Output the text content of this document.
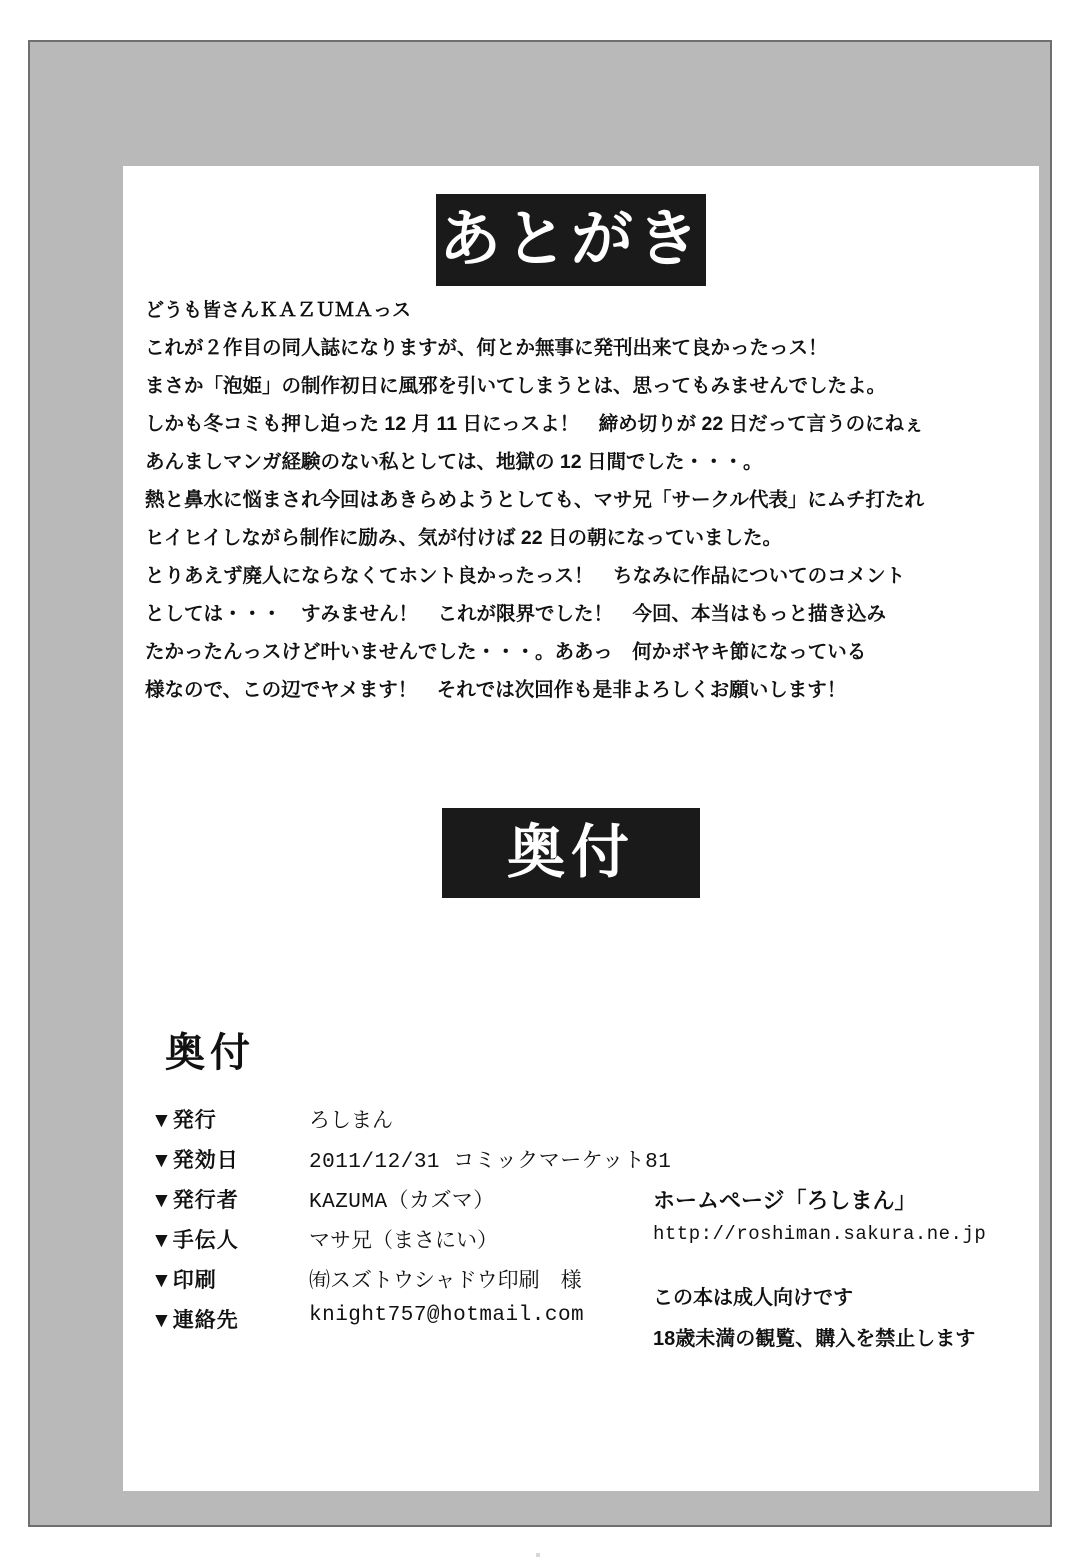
あとがき

どうも皆さんＫＡＺＵＭＡっス

これが２作目の同人誌になりますが、何とか無事に発刊出来て良かったっス！

まさか「泡姫」の制作初日に風邪を引いてしまうとは、思ってもみませんでしたよ。

しかも冬コミも押し迫った 12 月 11 日にっスよ！　締め切りが 22 日だって言うのにねぇ

あんましマンガ経験のない私としては、地獄の 12 日間でした・・・。

熱と鼻水に悩まされ今回はあきらめようとしても、マサ兄「サークル代表」にムチ打たれ

ヒイヒイしながら制作に励み、気が付けば 22 日の朝になっていました。

とりあえず廃人にならなくてホント良かったっス！　ちなみに作品についてのコメント

としては・・・　すみません！　これが限界でした！　今回、本当はもっと描き込み

たかったんっスけど叶いませんでした・・・。ああっ　何かボヤキ節になっている

様なので、この辺でヤメます！　それでは次回作も是非よろしくお願いします！

奥付
奥付
▼発行	ろしまん
▼発効日	2011/12/31 コミックマーケット81
▼発行者	KAZUMA（カズマ）
▼手伝人	マサ兄（まさにい）
▼印刷	㈲スズトウシャドウ印刷　様
▼連絡先	knight757@hotmail.com
ホームページ「ろしまん」
http://roshiman.sakura.ne.jp
この本は成人向けです
18歳未満の観覧、購入を禁止します
